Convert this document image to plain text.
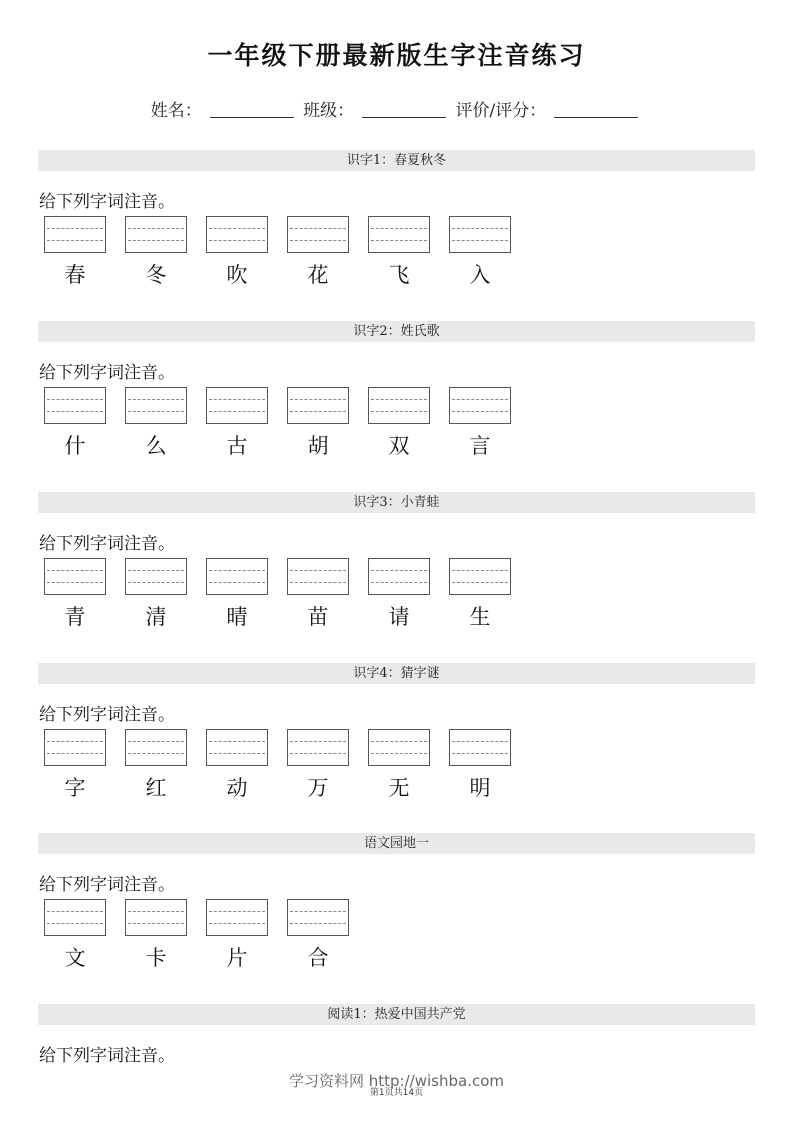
一年级下册最新版生字注音练习
姓名：	班级：	评价/评分：
识字1：春夏秋冬
给下列字词注音。
春	冬	吹	花	飞	入
识字2：姓氏歌
给下列字词注音。
什	么	古	胡	双	言
识字3：小青蛙
给下列字词注音。
青	清	晴	苗	请	生
识字4：猜字谜
给下列字词注音。
字	红	动	万	无	明
语文园地一
给下列字词注音。
文	卡	片	合
阅读1：热爱中国共产党
给下列字词注音。
学习资料网 http://wishba.com
第1页共14页
